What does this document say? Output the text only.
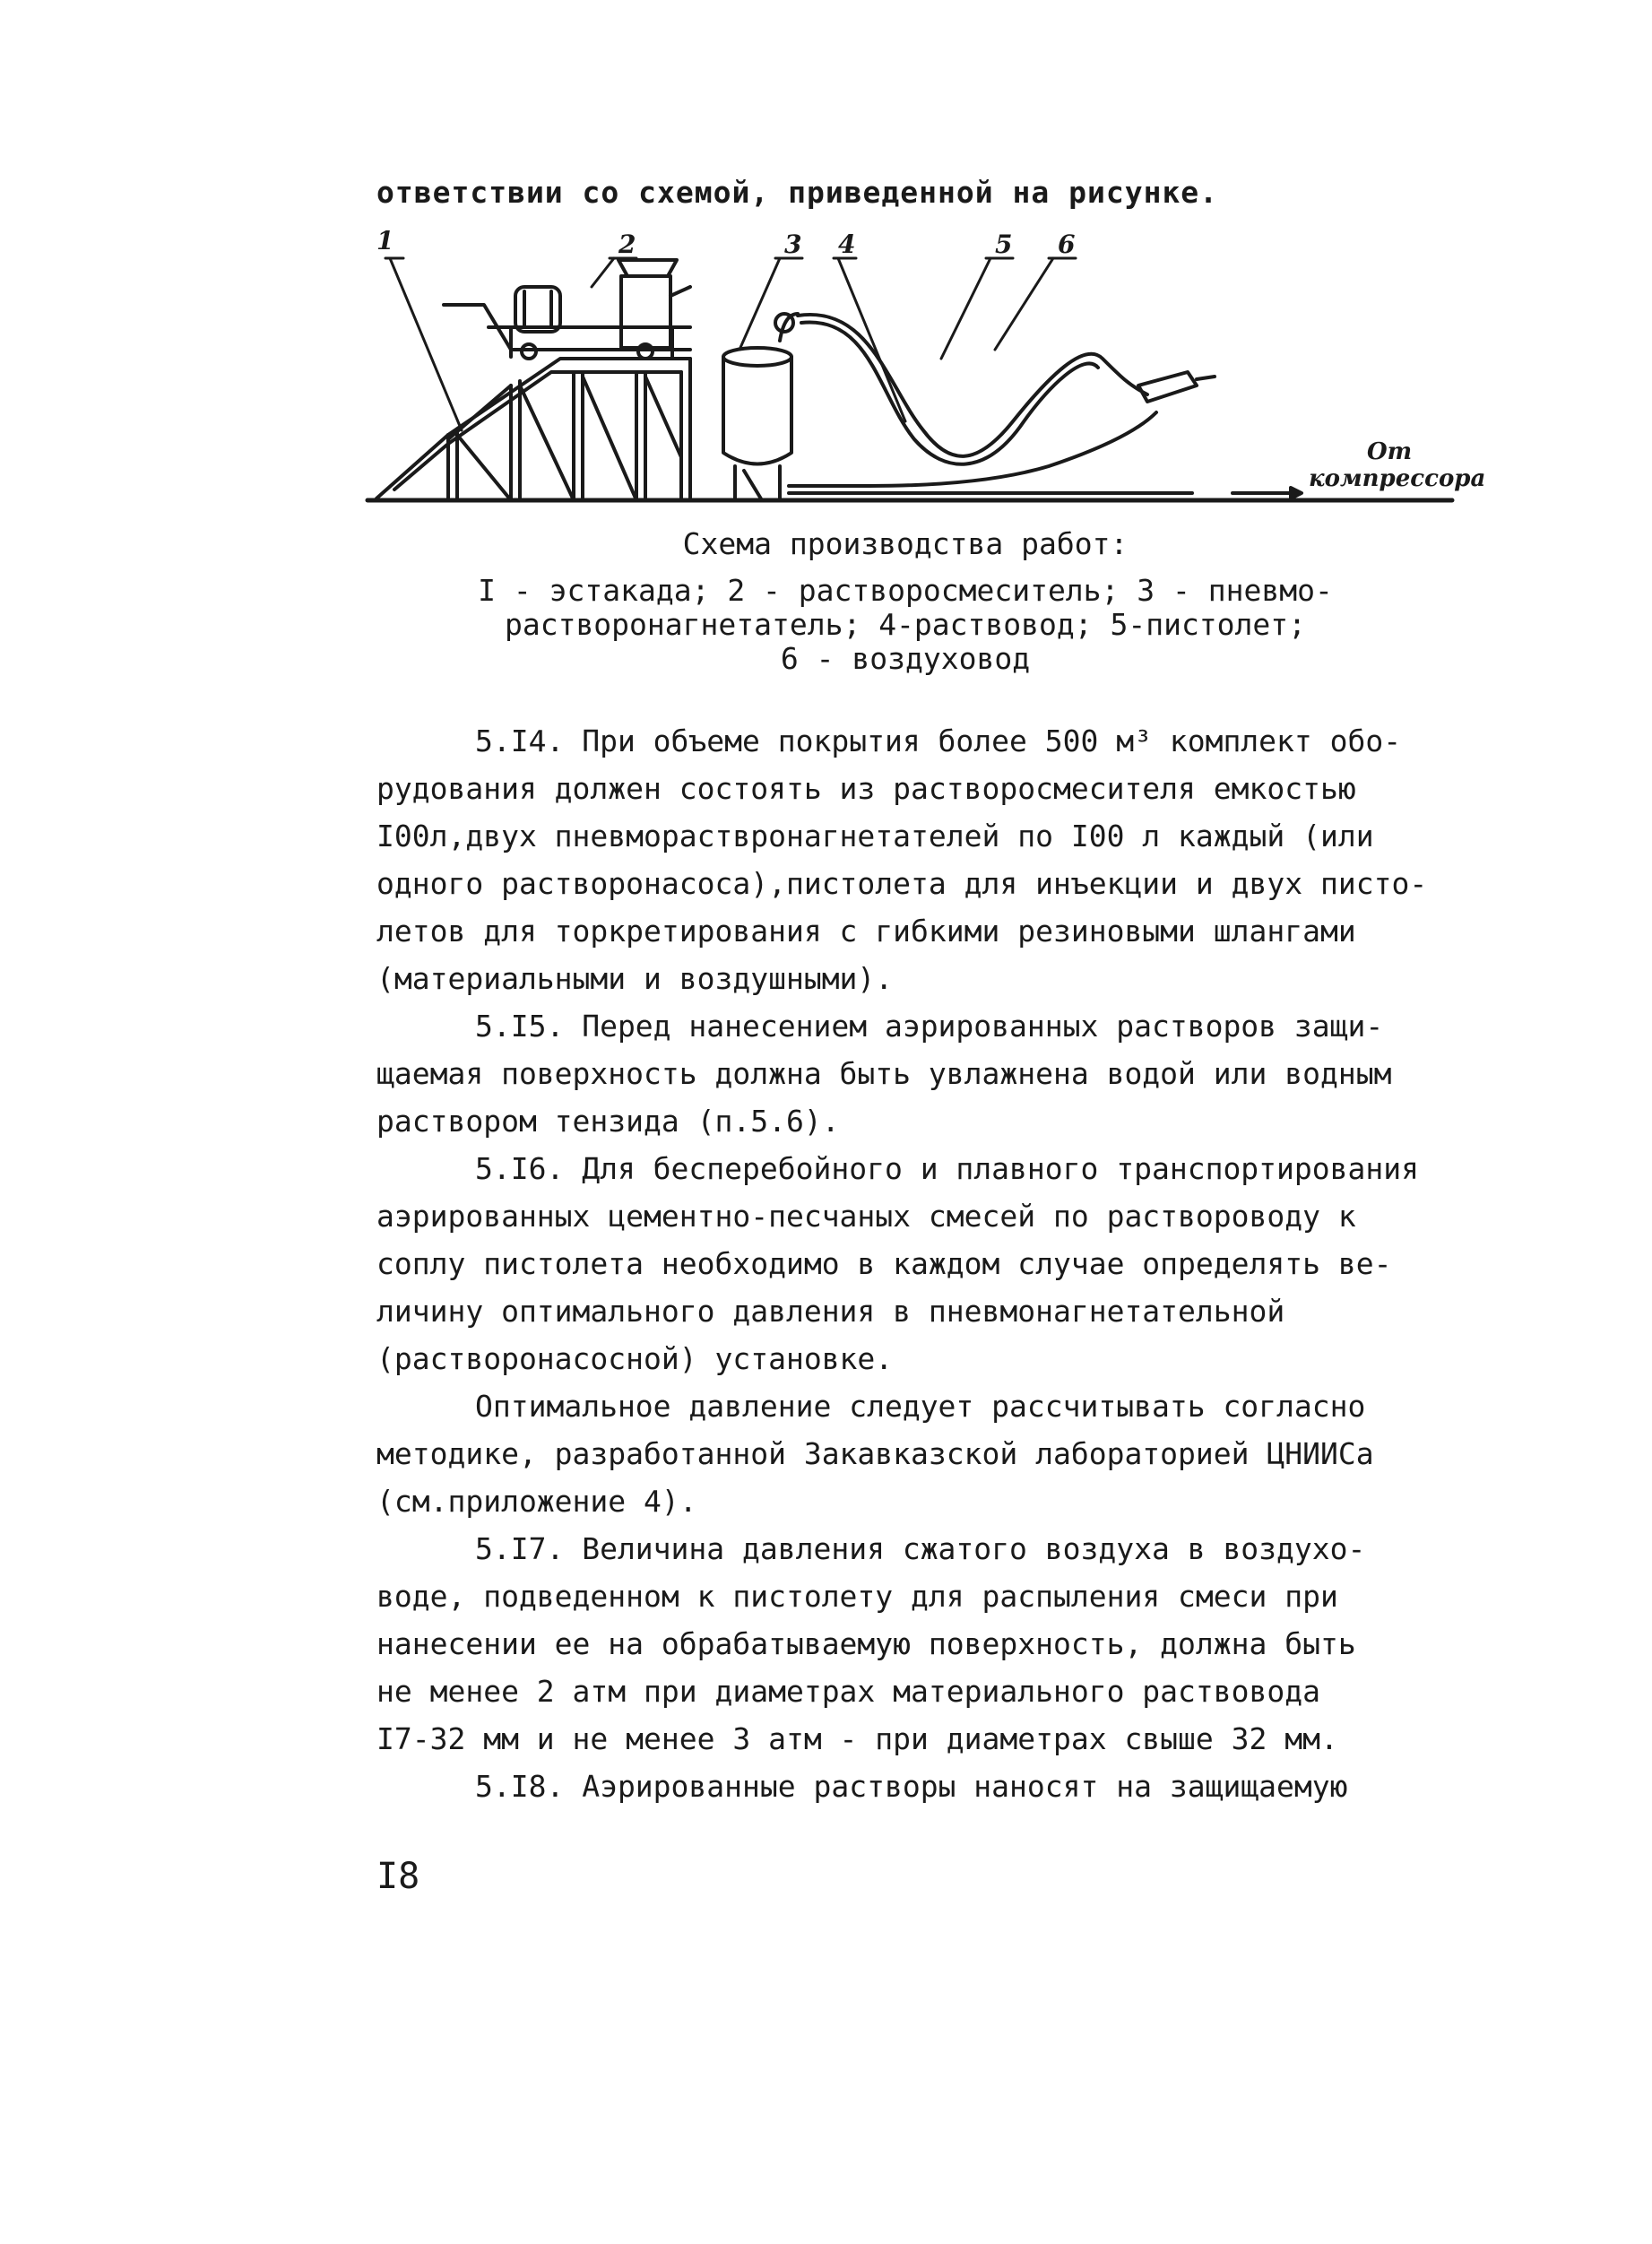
ответствии со схемой, приведенной на рисунке.
1	2	3 4	5 6
От
компрессора
Схема производства работ:
I - эстакада; 2 - растворосмеситель; 3 - пневмо-
растворонагнетатель; 4-раствовод; 5-пистолет;
6 - воздуховод
5.I4. При объеме покрытия более 500 м³ комплект обо-
рудования должен состоять из растворосмесителя емкостью
I00л,двух пневмораствронагнетателей по I00 л каждый (или
одного растворонасоса),пистолета для инъекции и двух писто-
летов для торкретирования с гибкими резиновыми шлангами
(материальными и воздушными).
5.I5. Перед нанесением аэрированных растворов защи-
щаемая поверхность должна быть увлажнена водой или водным
раствором тензида (п.5.6).
5.I6. Для бесперебойного и плавного транспортирования
аэрированных цементно-песчаных смесей по раствороводу к
соплу пистолета необходимо в каждом случае определять ве-
личину оптимального давления в пневмонагнетательной
(растворонасосной) установке.
Оптимальное давление следует рассчитывать согласно
методике, разработанной Закавказской лабораторией ЦНИИСа
(см.приложение 4).
5.I7. Величина давления сжатого воздуха в воздухо-
воде, подведенном к пистолету для распыления смеси при
нанесении ее на обрабатываемую поверхность, должна быть
не менее 2 атм при диаметрах материального раствовода
I7-32 мм и не менее 3 атм - при диаметрах свыше 32 мм.
5.I8. Аэрированные растворы наносят на защищаемую
I8
